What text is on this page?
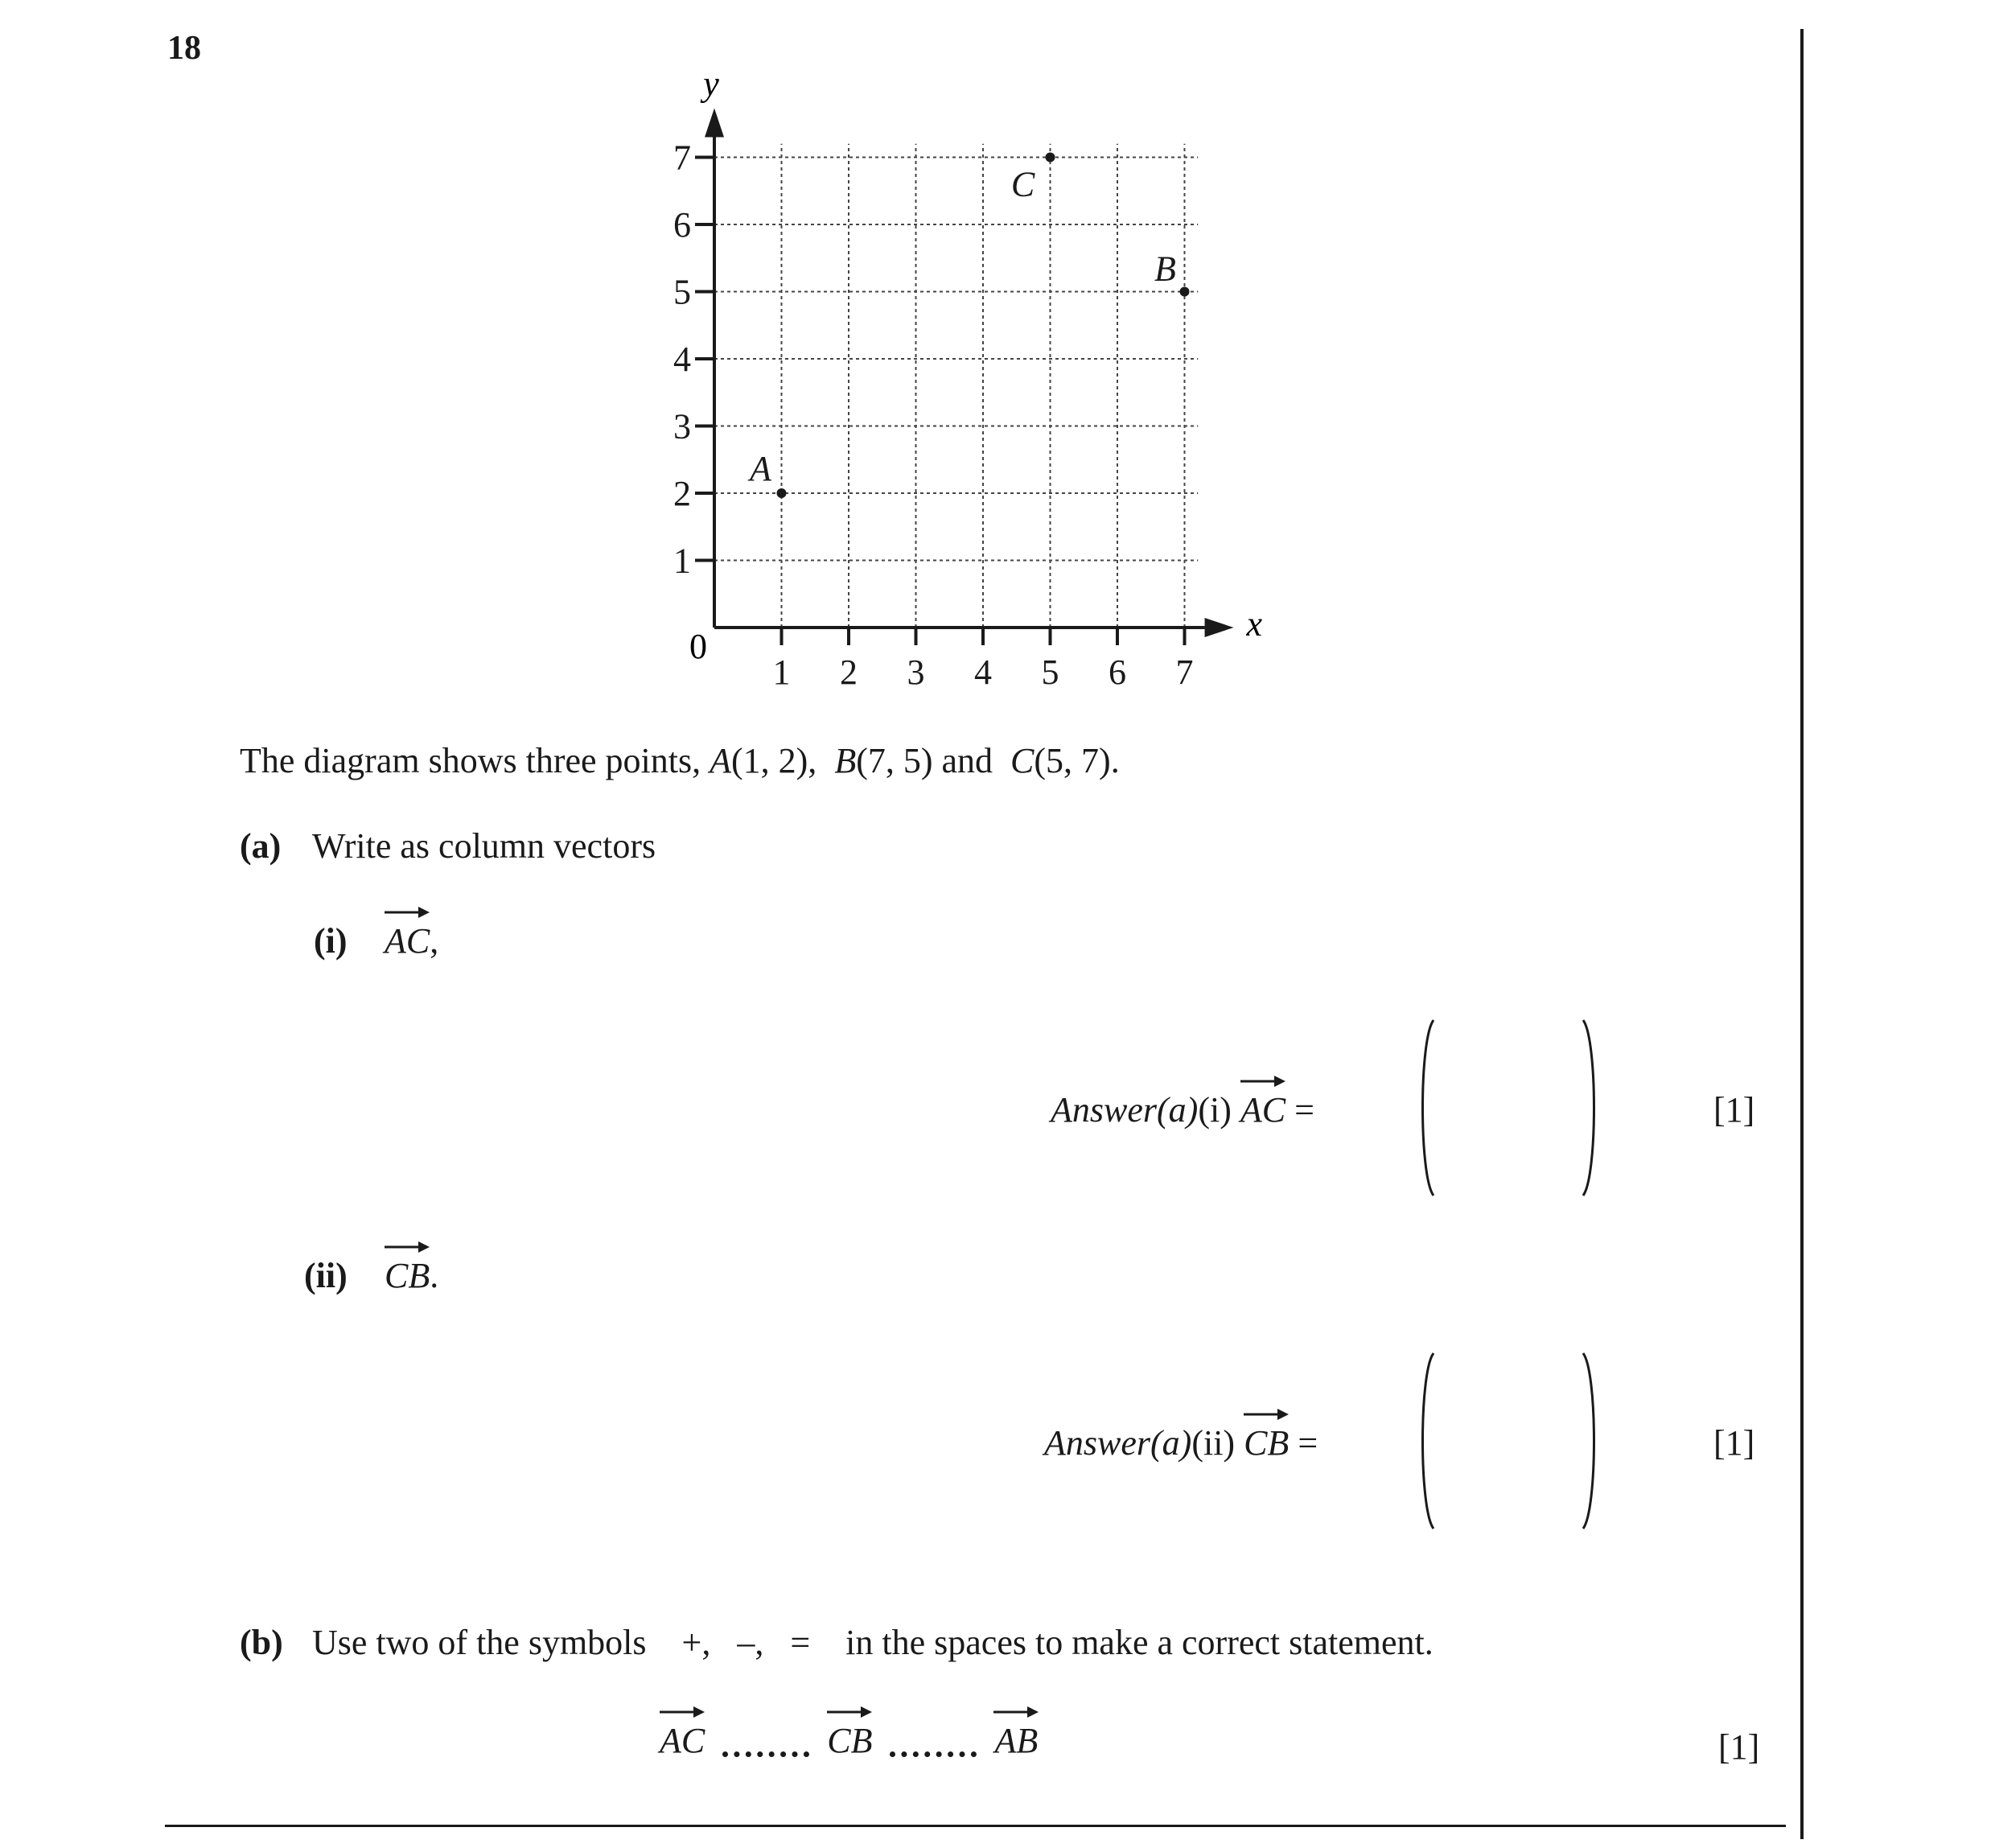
18
1 2 3 4 5 6 7
1
2
3
4
5
6
7
A
B
C
y
x
0
The diagram shows three points, A(1, 2), B(7, 5) and C(5, 7).
(a) Write as column vectors
(i) AC,
Answer(a)(i) AC =	[1]
(ii) CB.
Answer(a)(ii) CB =	[1]
(b) Use two of the symbols +,   –,   = in the spaces to make a correct statement.
AC	CB	AB	[1]
